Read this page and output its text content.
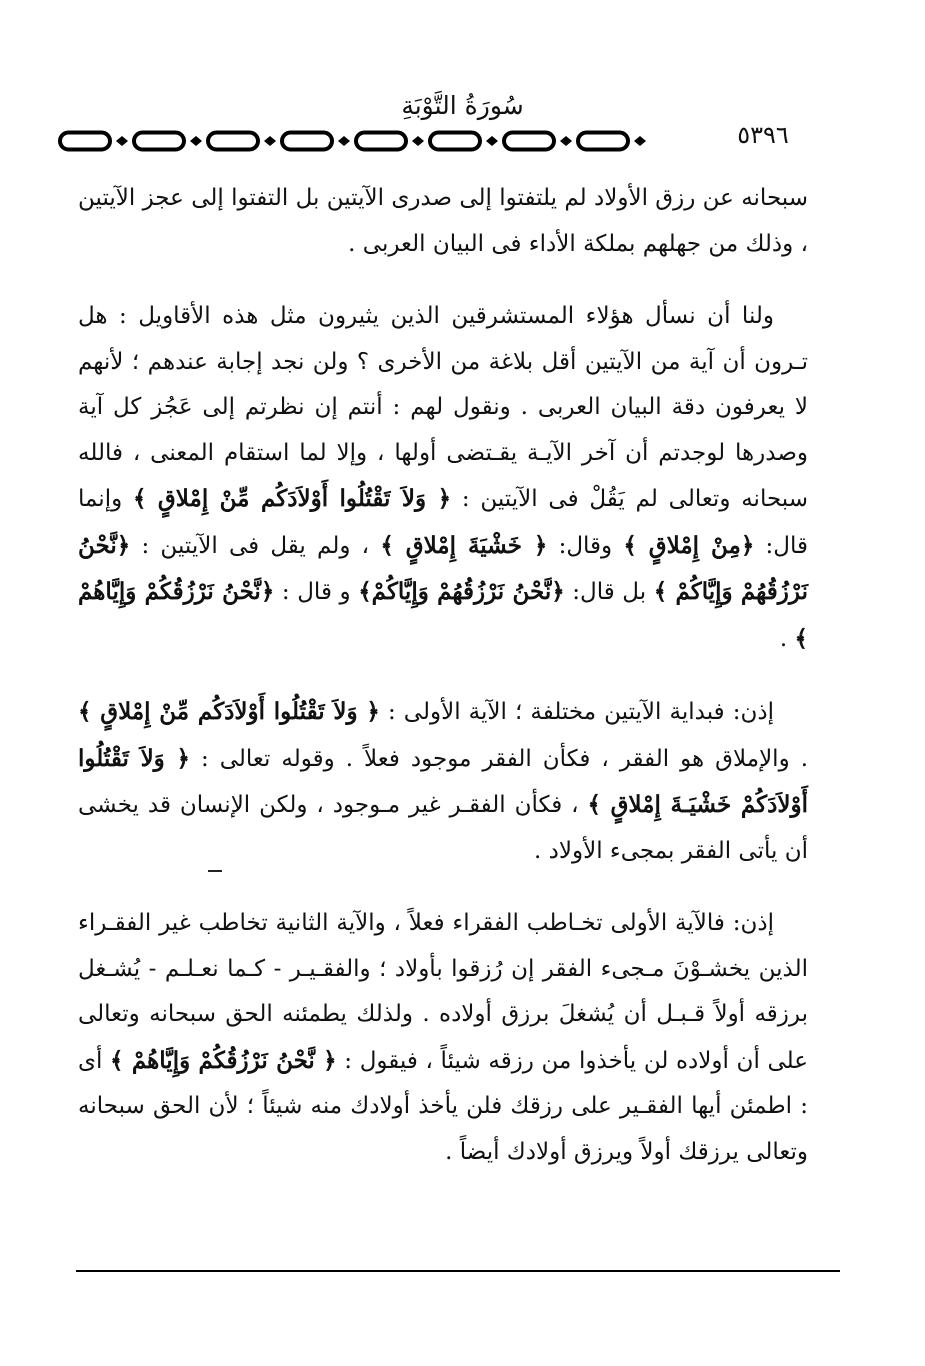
سُورَةُ التَّوْبَةِ
٥٣٩٦

سبحانه عن رزق الأولاد لم يلتفتوا إلى صدرى الآيتين بل التفتوا إلى عجز الآيتين ، وذلك من جهلهم بملكة الأداء فى البيان العربى .

ولنا أن نسأل هؤلاء المستشرقين الذين يثيرون مثل هذه الأقاويل : هل تـرون أن آية من الآيتين أقل بلاغة من الأخرى ؟ ولن نجد إجابة عندهم ؛ لأنهم لا يعرفون دقة البيان العربى . ونقول لهم : أنتم إن نظرتم إلى عَجُز كل آية وصدرها لوجدتم أن آخر الآيـة يقـتضى أولها ، وإلا لما استقام المعنى ، فالله سبحانه وتعالى لم يَقُلْ فى الآيتين : ﴿ وَلاَ تَقْتُلُوا أَوْلاَدَكُم مِّنْ إِمْلاقٍ ﴾ وإنما قال: ﴿مِنْ إِمْلاقٍ ﴾ وقال: ﴿ خَشْيَةَ إِمْلاقٍ ﴾ ، ولم يقل فى الآيتين : ﴿نَّحْنُ نَرْزُقُهُمْ وَإِيَّاكُمْ ﴾ بل قال: ﴿نَّحْنُ نَرْزُقُهُمْ وَإِيَّاكُمْ﴾ و قال : ﴿نَّحْنُ نَرْزُقُكُمْ وَإِيَّاهُمْ ﴾ .

إذن: فبداية الآيتين مختلفة ؛ الآية الأولى : ﴿ وَلاَ تَقْتُلُوا أَوْلاَدَكُم مِّنْ إِمْلاقٍ ﴾ . والإملاق هو الفقر ، فكأن الفقر موجود فعلاً . وقوله تعالى : ﴿ وَلاَ تَقْتُلُوا أَوْلاَدَكُمْ خَشْيَـةَ إِمْلاقٍ ﴾ ، فكأن الفقـر غير مـوجود ، ولكن الإنسان قد يخشى أن يأتى الفقر بمجىء الأولاد .

إذن: فالآية الأولى تخـاطب الفقراء فعلاً ، والآية الثانية تخاطب غير الفقـراء الذين يخشـوْنَ مـجىء الفقر إن رُزقوا بأولاد ؛ والفقـيـر - كـما نعـلـم - يُشـغل برزقه أولاً قـبـل أن يُشغلَ برزق أولاده . ولذلك يطمئنه الحق سبحانه وتعالى على أن أولاده لن يأخذوا من رزقه شيئاً ، فيقول : ﴿ نَّحْنُ نَرْزُقُكُمْ وَإِيَّاهُمْ ﴾ أى : اطمئن أيها الفقـير على رزقك فلن يأخذ أولادك منه شيئاً ؛ لأن الحق سبحانه وتعالى يرزقك أولاً ويرزق أولادك أيضاً .
